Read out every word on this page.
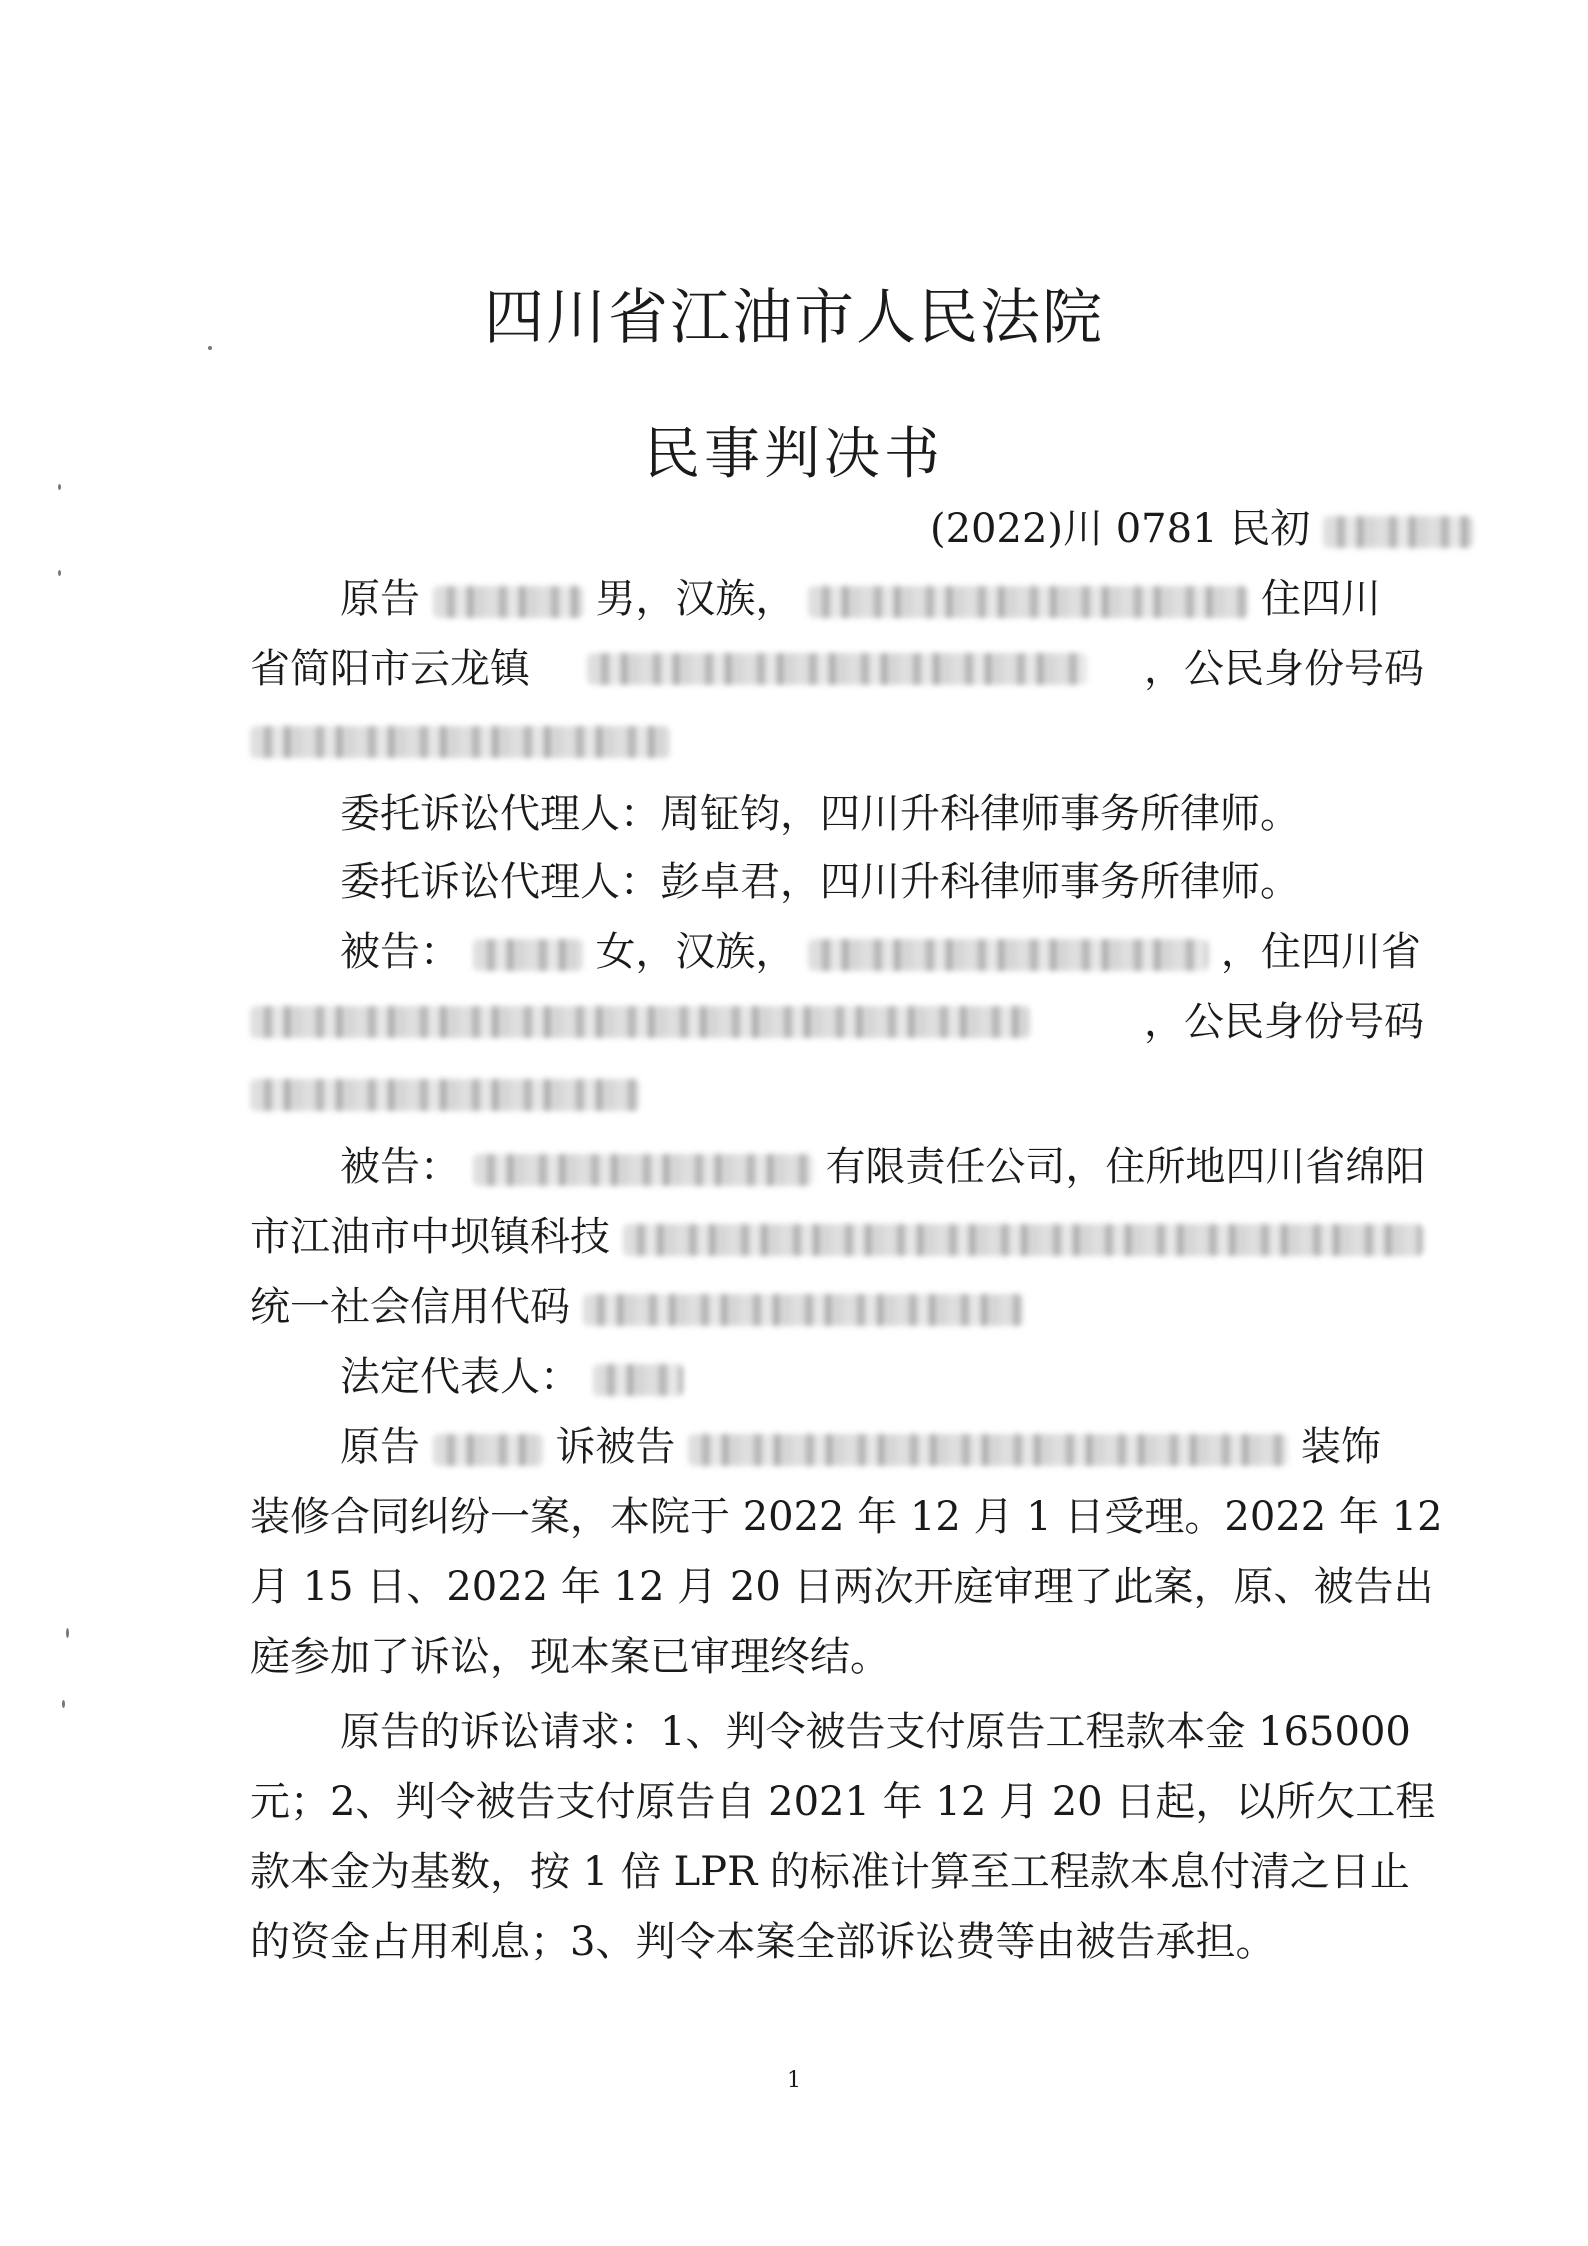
四川省江油市人民法院
民事判决书
(2022)川 0781 民初
原告	男，汉族，	住四川
省简阳市云龙镇	，公民身份号码
委托诉讼代理人：周钲钧，四川升科律师事务所律师。
委托诉讼代理人：彭卓君，四川升科律师事务所律师。
被告：	女，汉族，	，住四川省
，公民身份号码
被告：	有限责任公司，住所地四川省绵阳
市江油市中坝镇科技
统一社会信用代码
法定代表人：
原告	诉被告	装饰
装修合同纠纷一案，本院于 2022 年 12 月 1 日受理。2022 年 12
月 15 日、2022 年 12 月 20 日两次开庭审理了此案，原、被告出
庭参加了诉讼，现本案已审理终结。
原告的诉讼请求：1、判令被告支付原告工程款本金 165000
元；2、判令被告支付原告自 2021 年 12 月 20 日起，以所欠工程
款本金为基数，按 1 倍 LPR 的标准计算至工程款本息付清之日止
的资金占用利息；3、判令本案全部诉讼费等由被告承担。
1
